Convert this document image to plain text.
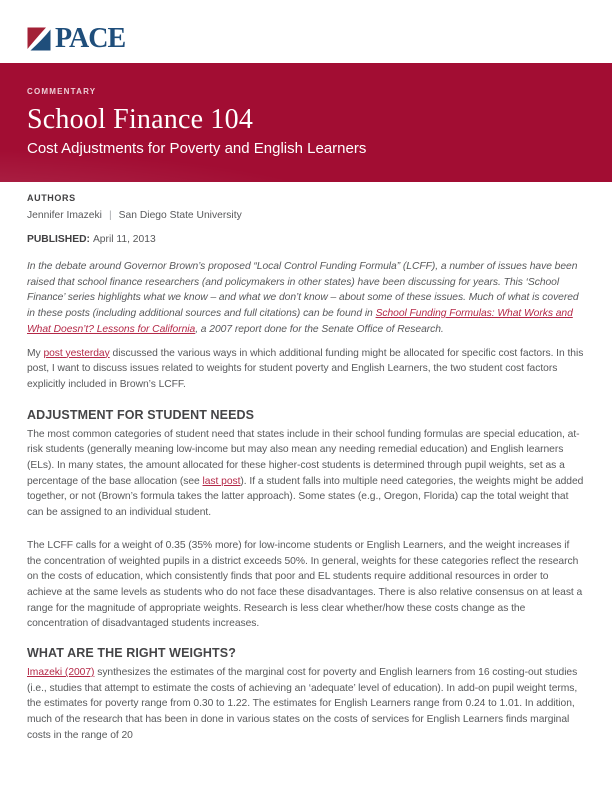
PACE
COMMENTARY
School Finance 104
Cost Adjustments for Poverty and English Learners
AUTHORS
Jennifer Imazeki | San Diego State University
PUBLISHED: April 11, 2013

In the debate around Governor Brown’s proposed “Local Control Funding Formula” (LCFF), a number of issues have been raised that school finance researchers (and policymakers in other states) have been discussing for years. This ‘School Finance’ series highlights what we know – and what we don’t know – about some of these issues. Much of what is covered in these posts (including additional sources and full citations) can be found in School Funding Formulas: What Works and What Doesn’t? Lessons for California, a 2007 report done for the Senate Office of Research.

My post yesterday discussed the various ways in which additional funding might be allocated for specific cost factors. In this post, I want to discuss issues related to weights for student poverty and English Learners, the two student cost factors explicitly included in Brown’s LCFF.

ADJUSTMENT FOR STUDENT NEEDS

The most common categories of student need that states include in their school funding formulas are special education, at-risk students (generally meaning low-income but may also mean any needing remedial education) and English learners (ELs). In many states, the amount allocated for these higher-cost students is determined through pupil weights, set as a percentage of the base allocation (see last post). If a student falls into multiple need categories, the weights might be added together, or not (Brown’s formula takes the latter approach). Some states (e.g., Oregon, Florida) cap the total weight that can be assigned to an individual student.

The LCFF calls for a weight of 0.35 (35% more) for low-income students or English Learners, and the weight increases if the concentration of weighted pupils in a district exceeds 50%. In general, weights for these categories reflect the research on the costs of education, which consistently finds that poor and EL students require additional resources in order to achieve at the same levels as students who do not face these disadvantages. There is also relative consensus on at least a range for the magnitude of appropriate weights. Research is less clear whether/how these costs change as the concentration of disadvantaged students increases.

WHAT ARE THE RIGHT WEIGHTS?

Imazeki (2007) synthesizes the estimates of the marginal cost for poverty and English learners from 16 costing-out studies (i.e., studies that attempt to estimate the costs of achieving an ‘adequate’ level of education). In add-on pupil weight terms, the estimates for poverty range from 0.30 to 1.22. The estimates for English Learners range from 0.24 to 1.01. In addition, much of the research that has been in done in various states on the costs of services for English Learners finds marginal costs in the range of 20
